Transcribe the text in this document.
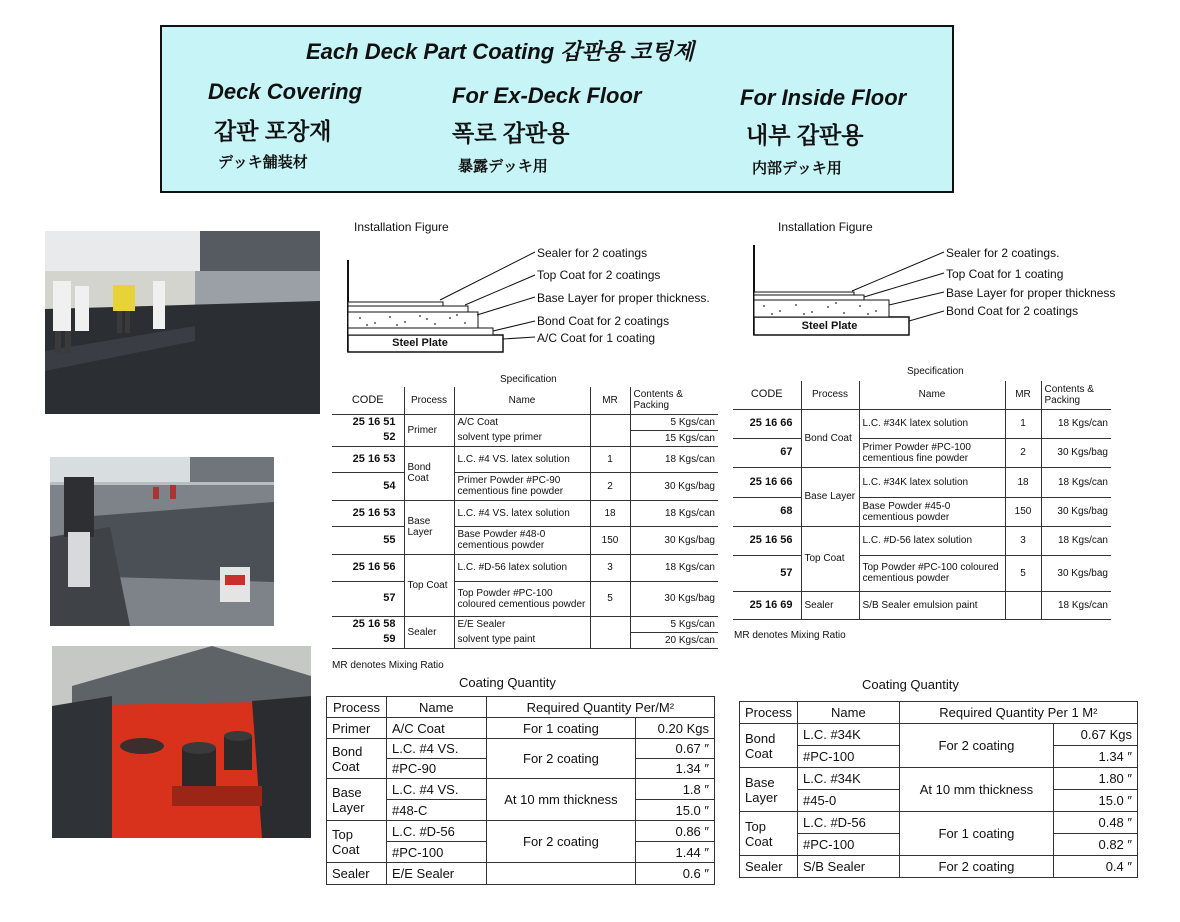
Each Deck Part Coating 갑판용 코팅제
Deck Covering
갑판 포장재
デッキ舗装材
For Ex-Deck Floor
폭로 갑판용
暴露デッキ用
For Inside Floor
내부 갑판용
内部デッキ用
Installation Figure
Steel Plate
Sealer for 2 coatings
Top Coat for 2 coatings
Base Layer for proper thickness.
Bond Coat for 2 coatings
A/C Coat for 1 coating
Installation Figure
Steel Plate
Sealer for 2 coatings.
Top Coat for 1 coating
Base Layer for proper thickness
Bond Coat for 2 coatings
Specification
CODE	Process	Name	MR	Contents & Packing
25 16 51	Primer	A/C Coat		5 Kgs/can
52		solvent type primer		15 Kgs/can
25 16 53	Bond Coat	L.C. #4 VS. latex solution	1	18 Kgs/can
54		Primer Powder #PC-90 cementious fine powder	2	30 Kgs/bag
25 16 53	Base Layer	L.C. #4 VS. latex solution	18	18 Kgs/can
55		Base Powder #48-0 cementious powder	150	30 Kgs/bag
25 16 56	Top Coat	L.C. #D-56 latex solution	3	18 Kgs/can
57		Top Powder #PC-100 coloured cementious powder	5	30 Kgs/bag
25 16 58	Sealer	E/E Sealer		5 Kgs/can
59		solvent type paint		20 Kgs/can
MR denotes Mixing Ratio
Specification
CODE	Process	Name	MR	Contents & Packing
25 16 66	Bond Coat	L.C. #34K latex solution	1	18 Kgs/can
67		Primer Powder #PC-100 cementious fine powder	2	30 Kgs/bag
25 16 66	Base Layer	L.C. #34K latex solution	18	18 Kgs/can
68		Base Powder #45-0 cementious powder	150	30 Kgs/bag
25 16 56	Top Coat	L.C. #D-56 latex solution	3	18 Kgs/can
57		Top Powder #PC-100 coloured cementious powder	5	30 Kgs/bag
25 16 69	Sealer	S/B Sealer emulsion paint		18 Kgs/can
MR denotes Mixing Ratio
Coating Quantity
Process	Name	Required Quantity Per/M²	
Primer	A/C Coat	For 1 coating	0.20 Kgs
Bond Coat	L.C. #4 VS.	For 2 coating	0.67 ″
	#PC-90		1.34 ″
Base Layer	L.C. #4 VS.	At 10 mm thickness	1.8 ″
	#48-C		15.0 ″
Top Coat	L.C. #D-56	For 2 coating	0.86 ″
	#PC-100		1.44 ″
Sealer	E/E Sealer		0.6 ″
Coating Quantity
Process	Name	Required Quantity Per 1 M²	
Bond Coat	L.C. #34K	For 2 coating	0.67 Kgs
	#PC-100		1.34 ″
Base Layer	L.C. #34K	At 10 mm thickness	1.80 ″
	#45-0		15.0 ″
Top Coat	L.C. #D-56	For 1 coating	0.48 ″
	#PC-100		0.82 ″
Sealer	S/B Sealer	For 2 coating	0.4 ″
